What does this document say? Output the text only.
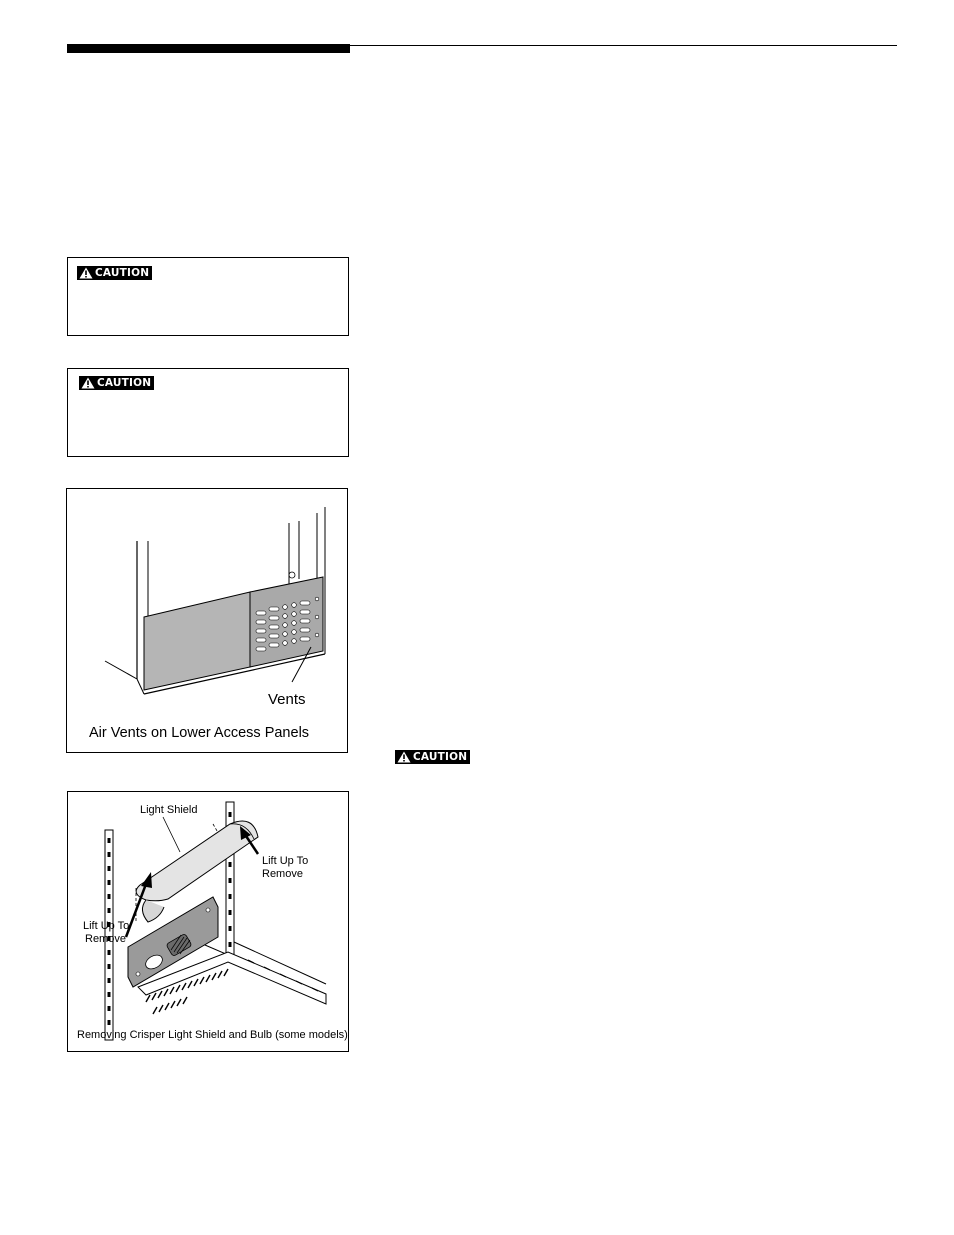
CAUTION
CAUTION
Vents
Air Vents on Lower Access Panels
CAUTION
Light Shield
Lift Up To
Remove
Lift Up To
Remove
Removing Crisper Light Shield and Bulb (some models)
